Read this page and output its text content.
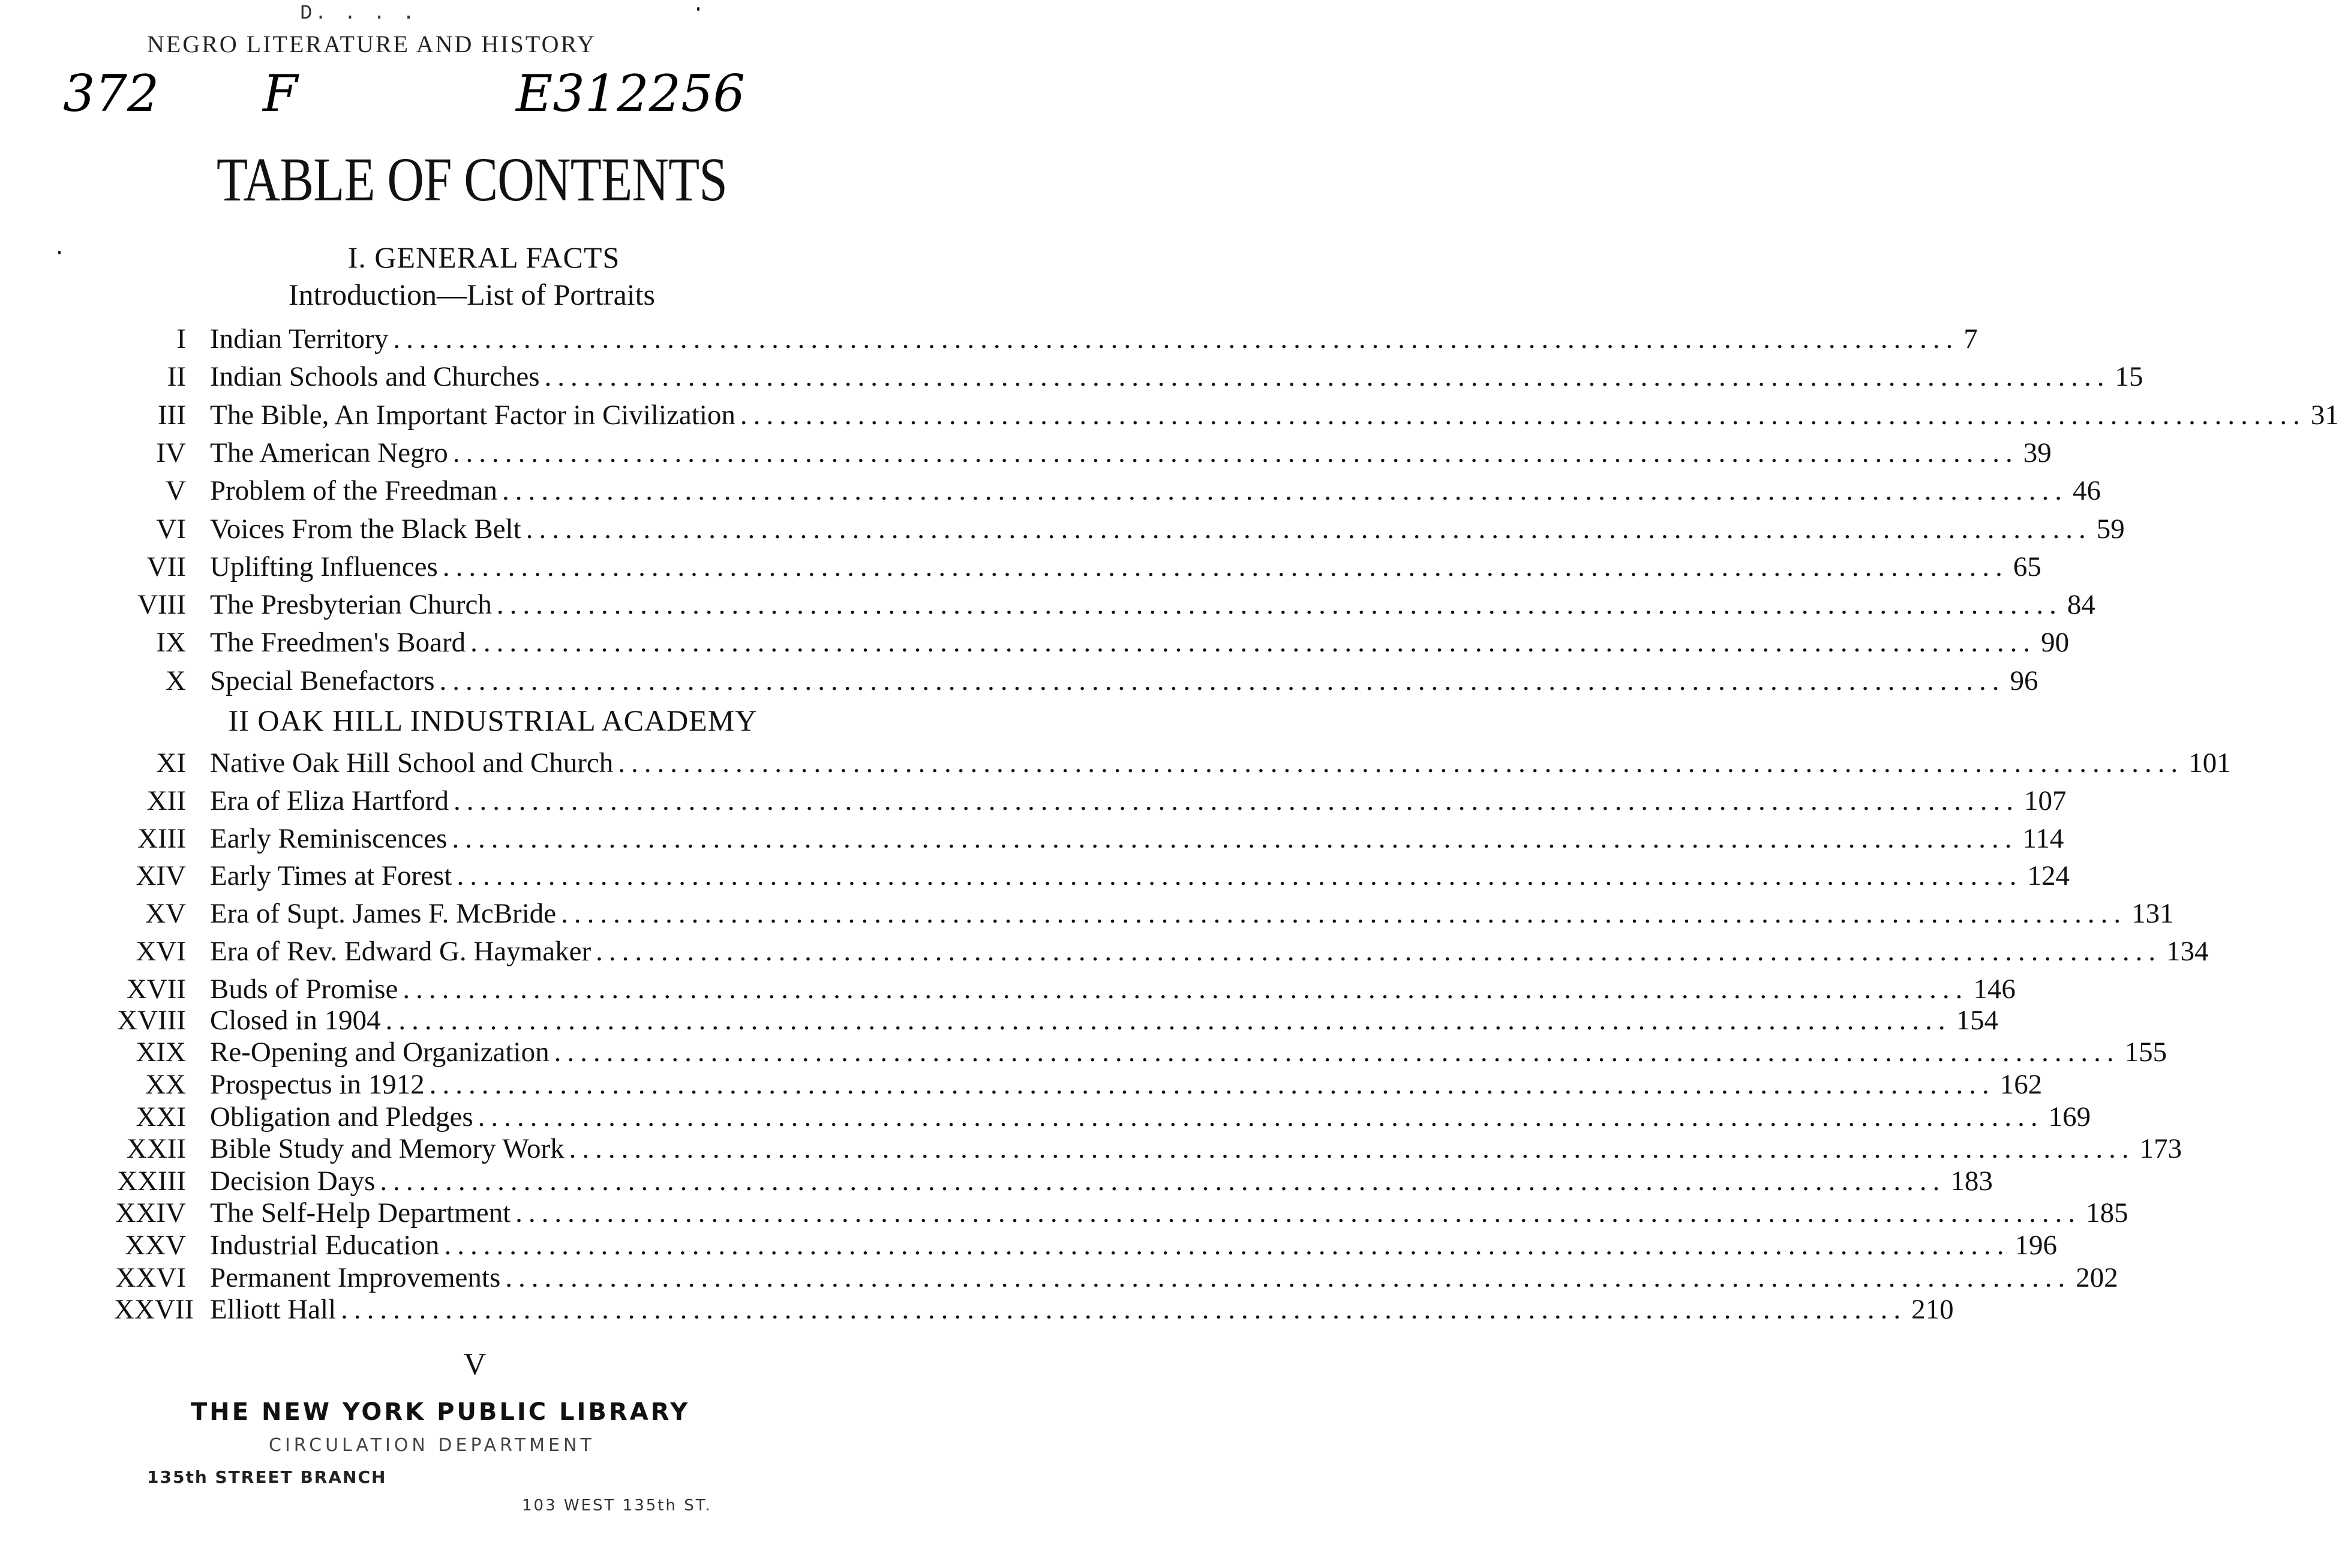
D. . . .
NEGRO LITERATURE AND HISTORY
372 F	E312256
TABLE OF CONTENTS
I. GENERAL FACTS
Introduction—List of Portraits
I Indian Territory ........................................................................................................................ 7
II Indian Schools and Churches ........................................................................................................................ 15
III The Bible, An Important Factor in Civilization ........................................................................................................................ 31
IV The American Negro ........................................................................................................................ 39
V Problem of the Freedman ........................................................................................................................ 46
VI Voices From the Black Belt ........................................................................................................................ 59
VII Uplifting Influences ........................................................................................................................ 65
VIII The Presbyterian Church ........................................................................................................................ 84
IX The Freedmen's Board ........................................................................................................................ 90
X Special Benefactors ........................................................................................................................ 96
II OAK HILL INDUSTRIAL ACADEMY
XI Native Oak Hill School and Church ........................................................................................................................ 101
XII Era of Eliza Hartford ........................................................................................................................ 107
XIII Early Reminiscences ........................................................................................................................ 114
XIV Early Times at Forest ........................................................................................................................ 124
XV Era of Supt. James F. McBride ........................................................................................................................ 131
XVI Era of Rev. Edward G. Haymaker ........................................................................................................................ 134
XVII Buds of Promise ........................................................................................................................ 146
XVIII Closed in 1904 ........................................................................................................................ 154
XIX Re-Opening and Organization ........................................................................................................................ 155
XX Prospectus in 1912 ........................................................................................................................ 162
XXI Obligation and Pledges ........................................................................................................................ 169
XXII Bible Study and Memory Work ........................................................................................................................ 173
XXIII Decision Days ........................................................................................................................ 183
XXIV The Self-Help Department ........................................................................................................................ 185
XXV Industrial Education ........................................................................................................................ 196
XXVI Permanent Improvements ........................................................................................................................ 202
XXVII Elliott Hall ........................................................................................................................ 210
V
THE NEW YORK PUBLIC LIBRARY
CIRCULATION DEPARTMENT
135th STREET BRANCH
103 WEST 135th ST.
